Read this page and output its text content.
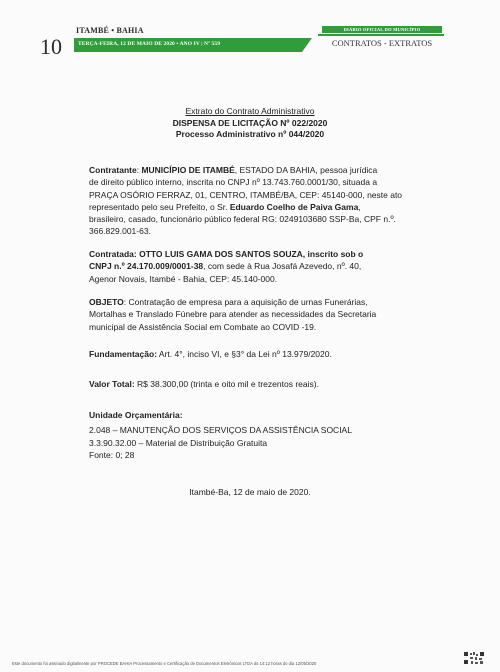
10
ITAMBÉ • BAHIA
TERÇA-FEIRA, 12 DE MAIO DE 2020 • ANO IV | Nº 559
DIÁRIO OFICIAL DO MUNICÍPIO
CONTRATOS - EXTRATOS
Extrato do Contrato Administrativo
DISPENSA DE LICITAÇÃO Nº 022/2020
Processo Administrativo nº 044/2020

Contratante: MUNICÍPIO DE ITAMBÉ, ESTADO DA BAHIA, pessoa jurídica

de direito público interno, inscrita no CNPJ nº 13.743.760.0001/30, situada a

PRAÇA OSÓRIO FERRAZ, 01, CENTRO, ITAMBÉ/BA, CEP: 45140-000, neste ato

representado pelo seu Prefeito, o Sr. Eduardo Coelho de Paiva Gama,

brasileiro, casado, funcionário público federal RG: 0249103680 SSP-Ba, CPF n.º.

366.829.001-63.

Contratada: OTTO LUIS GAMA DOS SANTOS SOUZA, inscrito sob o

CNPJ n.º 24.170.009/0001-38, com sede à Rua Josafá Azevedo, nº. 40,

Agenor Novais, Itambé - Bahia, CEP: 45.140-000.

OBJETO: Contratação de empresa para a aquisição de urnas Funerárias,

Mortalhas e Translado Fúnebre para atender as necessidades da Secretaria

municipal de Assistência Social em Combate ao COVID -19.

Fundamentação: Art. 4°, inciso VI, e §3° da Lei nº 13.979/2020.

Valor Total: R$ 38.300,00 (trinta e oito mil e trezentos reais).

Unidade Orçamentária:

2.048 – MANUTENÇÃO DOS SERVIÇOS DA ASSISTÊNCIA SOCIAL

3.3.90.32.00 – Material de Distribuição Gratuita

Fonte: 0; 28

Itambé-Ba, 12 de maio de 2020.
Este documento foi assinado digitalmente por PROCEDE BAHIA Processamento e Certificação de Documentos Eletrônicos LTDA às 14:12 horas do dia 12/05/2020
